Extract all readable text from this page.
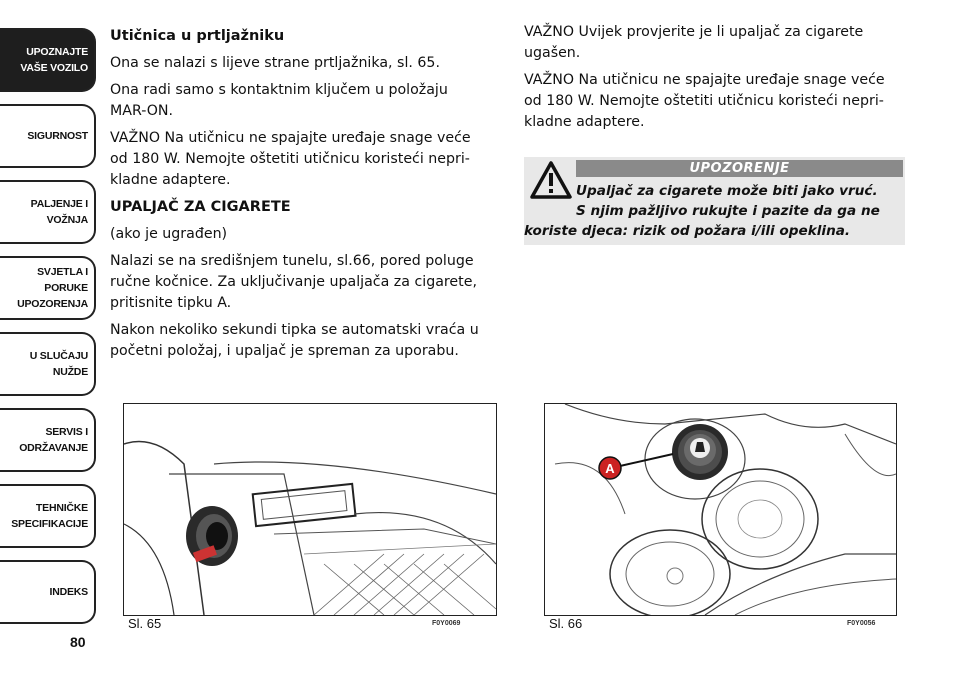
UPOZNAJTE
VAŠE VOZILO
SIGURNOST
PALJENJE I
VOŽNJA
SVJETLA I PORUKE
UPOZORENJA
U SLUČAJU
NUŽDE
SERVIS I
ODRŽAVANJE
TEHNIČKE
SPECIFIKACIJE
INDEKS
80
Utičnica u prtljažniku

Ona se nalazi s lijeve strane prtljažnika, sl. 65.

Ona radi samo s kontaktnim ključem u položaju MAR-ON.

VAŽNO Na utičnicu ne spajajte uređaje snage veće od 180 W. Nemojte oštetiti utičnicu koristeći nepri-kladne adaptere.

UPALJAČ ZA CIGARETE

(ako je ugrađen)

Nalazi se na središnjem tunelu, sl.66, pored poluge ručne kočnice. Za uključivanje upaljača za cigarete, pritisnite tipku A.

Nakon nekoliko sekundi tipka se automatski vraća u početni položaj, i upaljač je spreman za uporabu.

VAŽNO Uvijek provjerite je li upaljač za cigarete ugašen.

VAŽNO Na utičnicu ne spajajte uređaje snage veće od 180 W. Nemojte oštetiti utičnicu koristeći nepri-kladne adaptere.

UPOZORENJE
Upaljač za cigarete može biti jako vruć.
S njim pažljivo rukujte i pazite da ga ne
koriste djeca: rizik od požara i/ili opeklina.
Sl. 65	F0Y0069
A
Sl. 66	F0Y0056
